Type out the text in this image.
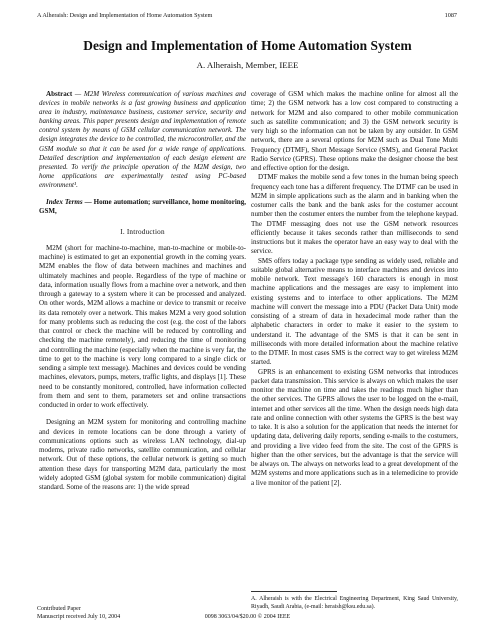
A Alheraish: Design and Implementation of Home Automation System	1087
Design and Implementation of Home Automation System
A. Alheraish, Member, IEEE

Abstract — M2M Wireless communication of various machines and devices in mobile networks is a fast growing business and application area in industry, maintenance business, customer service, security and banking areas. This paper presents design and implementation of remote control system by means of GSM cellular communication network. The design integrates the device to be controlled, the microcontroller, and the GSM module so that it can be used for a wide range of applications. Detailed description and implementation of each design element are presented. To verify the principle operation of the M2M design, two home applications are experimentally tested using PC-based environment¹.

Index Terms — Home automation; surveillance, home monitoring, GSM,

I. Introduction

M2M (short for machine-to-machine, man-to-machine or mobile-to-machine) is estimated to get an exponential growth in the coming years. M2M enables the flow of data between machines and machines and ultimately machines and people. Regardless of the type of machine or data, information usually flows from a machine over a network, and then through a gateway to a system where it can be processed and analyzed. On other words, M2M allows a machine or device to transmit or receive its data remotely over a network. This makes M2M a very good solution for many problems such as reducing the cost (e.g. the cost of the labors that control or check the machine will be reduced by controlling and checking the machine remotely), and reducing the time of monitoring and controlling the machine (especially when the machine is very far, the time to get to the machine is very long compared to a single click or sending a simple text message). Machines and devices could be vending machines, elevators, pumps, meters, traffic lights, and displays [1]. These need to be constantly monitored, controlled, have information collected from them and sent to them, parameters set and online transactions conducted in order to work effectively.

Designing an M2M system for monitoring and controlling machine and devices in remote locations can be done through a variety of communications options such as wireless LAN technology, dial-up modems, private radio networks, satellite communication, and cellular network. Out of these options, the cellular network is getting so much attention these days for transporting M2M data, particularly the most widely adopted GSM (global system for mobile communication) digital standard. Some of the reasons are: 1) the wide spread

coverage of GSM which makes the machine online for almost all the time; 2) the GSM network has a low cost compared to constructing a network for M2M and also compared to other mobile communication such as satellite communication; and 3) the GSM network security is very high so the information can not be taken by any outsider. In GSM network, there are a several options for M2M such as Dual Tone Multi Frequency (DTMF), Short Message Service (SMS), and General Packet Radio Service (GPRS). These options make the designer choose the best and effective option for the design.

DTMF makes the mobile send a few tones in the human being speech frequency each tone has a different frequency. The DTMF can be used in M2M in simple applications such as the alarm and in banking when the costumer calls the bank and the bank asks for the costumer account number then the costumer enters the number from the telephone keypad. The DTMF messaging does not use the GSM network resources efficiently because it takes seconds rather than milliseconds to send instructions but it makes the operator have an easy way to deal with the service.

SMS offers today a package type sending as widely used, reliable and suitable global alternative means to interface machines and devices into mobile network. Text message's 160 characters is enough in most machine applications and the messages are easy to implement into existing systems and to interface to other applications. The M2M machine will convert the message into a PDU (Packet Data Unit) mode consisting of a stream of data in hexadecimal mode rather than the alphabetic characters in order to make it easier to the system to understand it. The advantage of the SMS is that it can be sent in milliseconds with more detailed information about the machine relative to the DTMF. In most cases SMS is the correct way to get wireless M2M started.

GPRS is an enhancement to existing GSM networks that introduces packet data transmission. This service is always on which makes the user monitor the machine on time and takes the readings much higher than the other services. The GPRS allows the user to be logged on the e-mail, internet and other services all the time. When the design needs high data rate and online connection with other systems the GPRS is the best way to take. It is also a solution for the application that needs the internet for updating data, delivering daily reports, sending e-mails to the costumers, and providing a live video feed from the site. The cost of the GPRS is higher than the other services, but the advantage is that the service will be always on. The always on networks lead to a great development of the M2M systems and more applications such as in a telemedicine to provide a live monitor of the patient [2].

A. Alheraish is with the Electrical Engineering Department, King Saud University, Riyadh, Saudi Arabia, (e-mail: heraish@ksu.edu.sa).
Contributed Paper
Manuscript received July 10, 2004	0098 3063/04/$20.00 © 2004 IEEE
